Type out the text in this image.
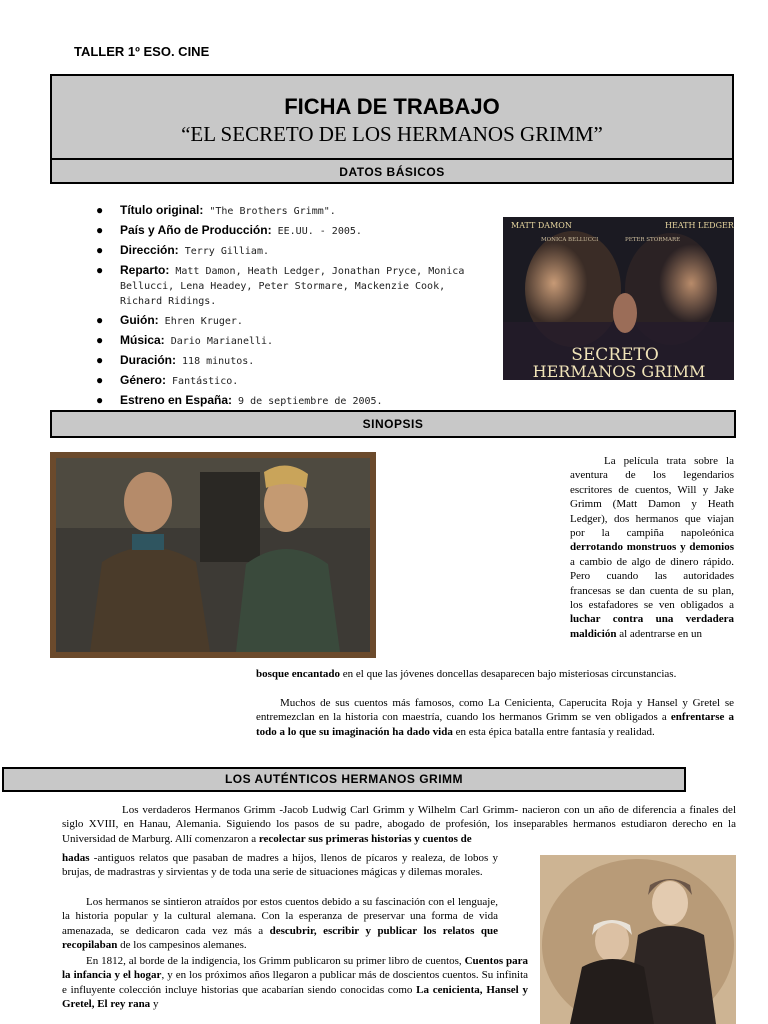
TALLER 1º ESO. CINE
FICHA DE TRABAJO
“EL SECRETO DE LOS HERMANOS GRIMM”
DATOS BÁSICOS
● Título original: "The Brothers Grimm".
● País y Año de Producción: EE.UU. - 2005.
● Dirección: Terry Gilliam.
● Reparto: Matt Damon, Heath Ledger, Jonathan Pryce, Monica Bellucci, Lena Headey, Peter Stormare, Mackenzie Cook, Richard Ridings.
● Guión: Ehren Kruger.
● Música: Dario Marianelli.
● Duración: 118 minutos.
● Género: Fantástico.
● Estreno en España: 9 de septiembre de 2005.
MATT DAMON	HEATH LEDGER
MONICA BELLUCCI	PETER STORMARE
SECRETO
HERMANOS GRIMM
SINOPSIS
La película trata sobre la aventura de los legendarios escritores de cuentos, Will y Jake Grimm (Matt Damon y Heath Ledger), dos hermanos que viajan por la campiña napoleónica derrotando monstruos y demonios a cambio de algo de dinero rápido. Pero cuando las autoridades francesas se dan cuenta de su plan, los estafadores se ven obligados a luchar contra una verdadera maldición al adentrarse en un
bosque encantado en el que las jóvenes doncellas desaparecen bajo misteriosas circunstancias.
Muchos de sus cuentos más famosos, como La Cenicienta, Caperucita Roja y Hansel y Gretel se entremezclan en la historia con maestría, cuando los hermanos Grimm se ven obligados a enfrentarse a todo a lo que su imaginación ha dado vida en esta épica batalla entre fantasía y realidad.
LOS AUTÉNTICOS HERMANOS GRIMM
Los verdaderos Hermanos Grimm -Jacob Ludwig Carl Grimm y Wilhelm Carl Grimm- nacieron con un año de diferencia a finales del siglo XVIII, en Hanau, Alemania. Siguiendo los pasos de su padre, abogado de profesión, los inseparables hermanos estudiaron derecho en la Universidad de Marburg. Allí comenzaron a recolectar sus primeras historias y cuentos de
hadas -antiguos relatos que pasaban de madres a hijos, llenos de pícaros y realeza, de lobos y brujas, de madrastras y sirvientas y de toda una serie de situaciones mágicas y dilemas morales.
Los hermanos se sintieron atraídos por estos cuentos debido a su fascinación con el lenguaje, la historia popular y la cultural alemana. Con la esperanza de preservar una forma de vida amenazada, se dedicaron cada vez más a descubrir, escribir y publicar los relatos que recopilaban de los campesinos alemanes.
En 1812, al borde de la indigencia, los Grimm publicaron su primer libro de cuentos, Cuentos para la infancia y el hogar, y en los próximos años llegaron a publicar más de doscientos cuentos. Su infinita e influyente colección incluye historias que acabarían siendo conocidas como La cenicienta, Hansel y Gretel, El rey rana y
